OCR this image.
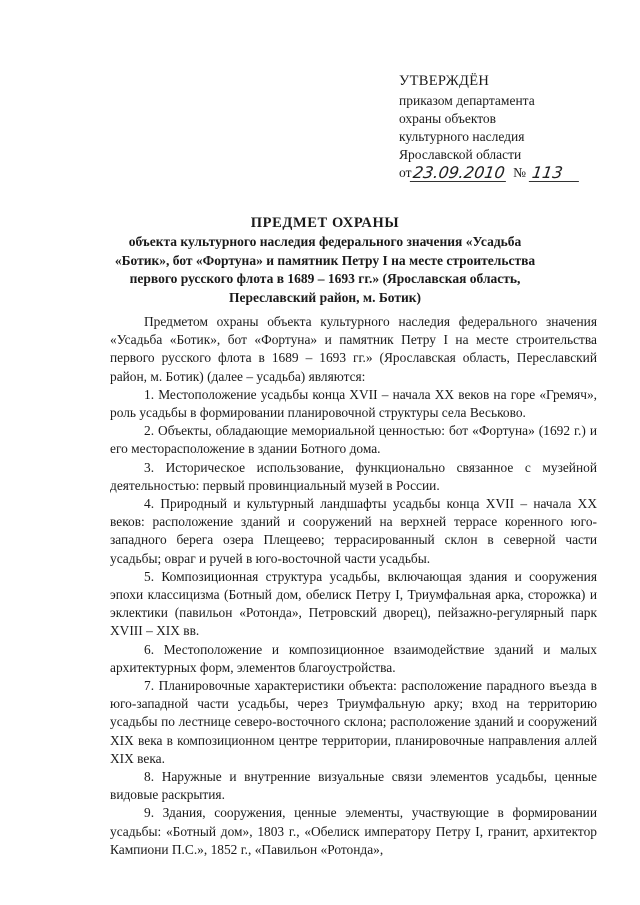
УТВЕРЖДЁН
приказом департамента
охраны объектов
культурного наследия
Ярославской области
от 23.09.2010 № 113
ПРЕДМЕТ ОХРАНЫ
объекта культурного наследия федерального значения «Усадьба «Ботик», бот «Фортуна» и памятник Петру I на месте строительства первого русского флота в 1689 – 1693 гг.» (Ярославская область, Переславский район, м. Ботик)

Предметом охраны объекта культурного наследия федерального значения «Усадьба «Ботик», бот «Фортуна» и памятник Петру I на месте строительства первого русского флота в 1689 – 1693 гг.» (Ярославская область, Переславский район, м. Ботик) (далее – усадьба) являются:

1. Местоположение усадьбы конца XVII – начала XX веков на горе «Гремяч», роль усадьбы в формировании планировочной структуры села Веськово.

2. Объекты, обладающие мемориальной ценностью: бот «Фортуна» (1692 г.) и его месторасположение в здании Ботного дома.

3. Историческое использование, функционально связанное с музейной деятельностью: первый провинциальный музей в России.

4. Природный и культурный ландшафты усадьбы конца XVII – начала XX веков: расположение зданий и сооружений на верхней террасе коренного юго-западного берега озера Плещеево; террасированный склон в северной части усадьбы; овраг и ручей в юго-восточной части усадьбы.

5. Композиционная структура усадьбы, включающая здания и сооружения эпохи классицизма (Ботный дом, обелиск Петру I, Триумфальная арка, сторожка) и эклектики (павильон «Ротонда», Петровский дворец), пейзажно-регулярный парк XVIII – XIX вв.

6. Местоположение и композиционное взаимодействие зданий и малых архитектурных форм, элементов благоустройства.

7. Планировочные характеристики объекта: расположение парадного въезда в юго-западной части усадьбы, через Триумфальную арку; вход на территорию усадьбы по лестнице северо-восточного склона; расположение зданий и сооружений XIX века в композиционном центре территории, планировочные направления аллей XIX века.

8. Наружные и внутренние визуальные связи элементов усадьбы, ценные видовые раскрытия.

9. Здания, сооружения, ценные элементы, участвующие в формировании усадьбы: «Ботный дом», 1803 г., «Обелиск императору Петру I, гранит, архитектор Кампиони П.С.», 1852 г., «Павильон «Ротонда»,
